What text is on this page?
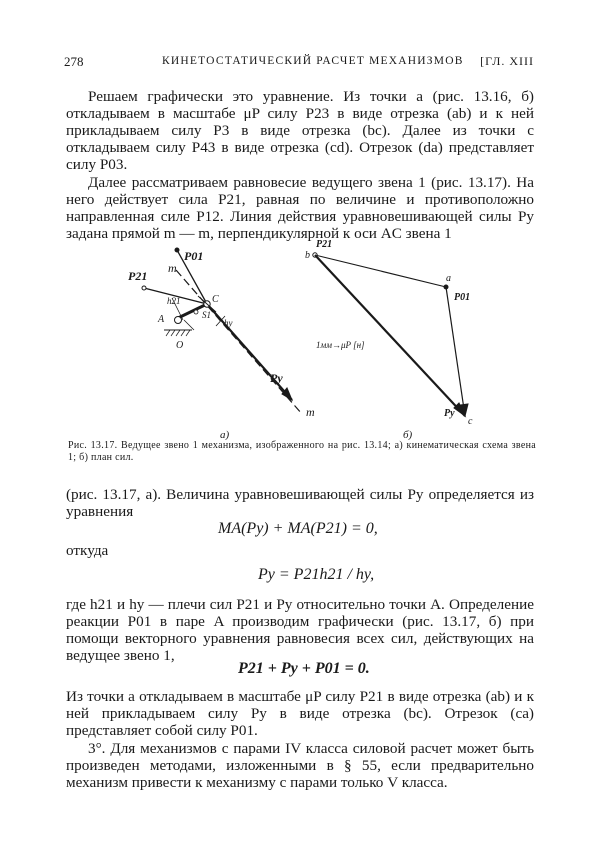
278	КИНЕТОСТАТИЧЕСКИЙ РАСЧЕТ МЕХАНИЗМОВ [ГЛ. XIII

Решаем графически это уравнение. Из точки a (рис. 13.16, б) откладываем в масштабе μP силу P23 в виде отрезка (ab) и к ней прикладываем силу P3 в виде отрезка (bc). Далее из точки c откладываем силу P43 в виде отрезка (cd). Отрезок (da) представляет силу P03.

Далее рассматриваем равновесие ведущего звена 1 (рис. 13.17). На него действует сила P21, равная по величине и противоположно направленная силе P12. Линия действия уравновешивающей силы Py задана прямой m — m, перпендикулярной к оси AC звена 1

P01
m
P21
h21	C
A	S1
hy
O
Py
m
а)
P21
b
a
P01
1мм→μP [н]
Py
c
б)
Рис. 13.17. Ведущее звено 1 механизма, изображенного на рис. 13.14; а) кинематическая схема звена 1; б) план сил.

(рис. 13.17, а). Величина уравновешивающей силы Py определяется из уравнения

MA(Py) + MA(P21) = 0,

откуда

Py = P21h21 / hy,

где h21 и hy — плечи сил P21 и Py относительно точки A. Определение реакции P01 в паре A производим графически (рис. 13.17, б) при помощи векторного уравнения равновесия всех сил, действующих на ведущее звено 1,

P21 + Py + P01 = 0.

Из точки a откладываем в масштабе μP силу P21 в виде отрезка (ab) и к ней прикладываем силу Py в виде отрезка (bc). Отрезок (ca) представляет собой силу P01.

3°. Для механизмов с парами IV класса силовой расчет может быть произведен методами, изложенными в § 55, если предварительно механизм привести к механизму с парами только V класса.
